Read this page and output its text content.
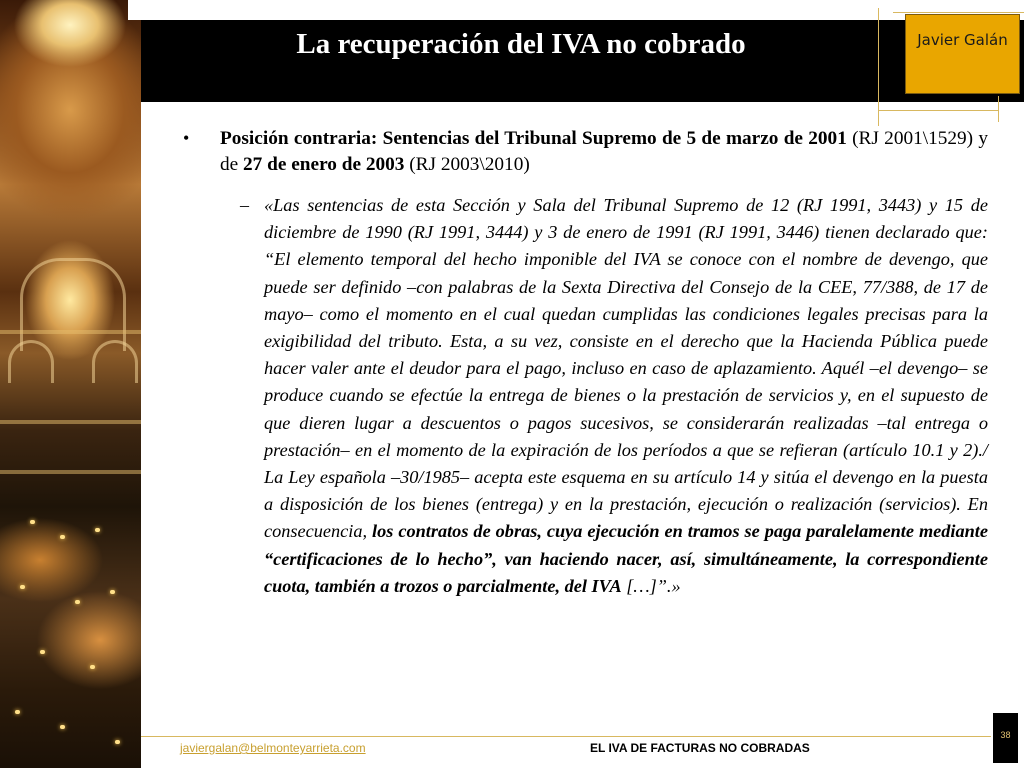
La recuperación del IVA no cobrado	Javier Galán
• Posición contraria: Sentencias del Tribunal Supremo de 5 de marzo de 2001 (RJ 2001\1529) y de 27 de enero de 2003 (RJ 2003\2010)
– «Las sentencias de esta Sección y Sala del Tribunal Supremo de 12 (RJ 1991, 3443) y 15 de diciembre de 1990 (RJ 1991, 3444) y 3 de enero de 1991 (RJ 1991, 3446) tienen declarado que: “El elemento temporal del hecho imponible del IVA se conoce con el nombre de devengo, que puede ser definido –con palabras de la Sexta Directiva del Consejo de la CEE, 77/388, de 17 de mayo– como el momento en el cual quedan cumplidas las condiciones legales precisas para la exigibilidad del tributo. Esta, a su vez, consiste en el derecho que la Hacienda Pública puede hacer valer ante el deudor para el pago, incluso en caso de aplazamiento. Aquél –el devengo– se produce cuando se efectúe la entrega de bienes o la prestación de servicios y, en el supuesto de que dieren lugar a descuentos o pagos sucesivos, se considerarán realizadas –tal entrega o prestación– en el momento de la expiración de los períodos a que se refieran (artículo 10.1 y 2)./ La Ley española –30/1985– acepta este esquema en su artículo 14 y sitúa el devengo en la puesta a disposición de los bienes (entrega) y en la prestación, ejecución o realización (servicios). En consecuencia, los contratos de obras, cuya ejecución en tramos se paga paralelamente mediante “certificaciones de lo hecho”, van haciendo nacer, así, simultáneamente, la correspondiente cuota, también a trozos o parcialmente, del IVA […]”.»
javiergalan@belmonteyarrieta.com	EL IVA DE FACTURAS NO COBRADAS
38
